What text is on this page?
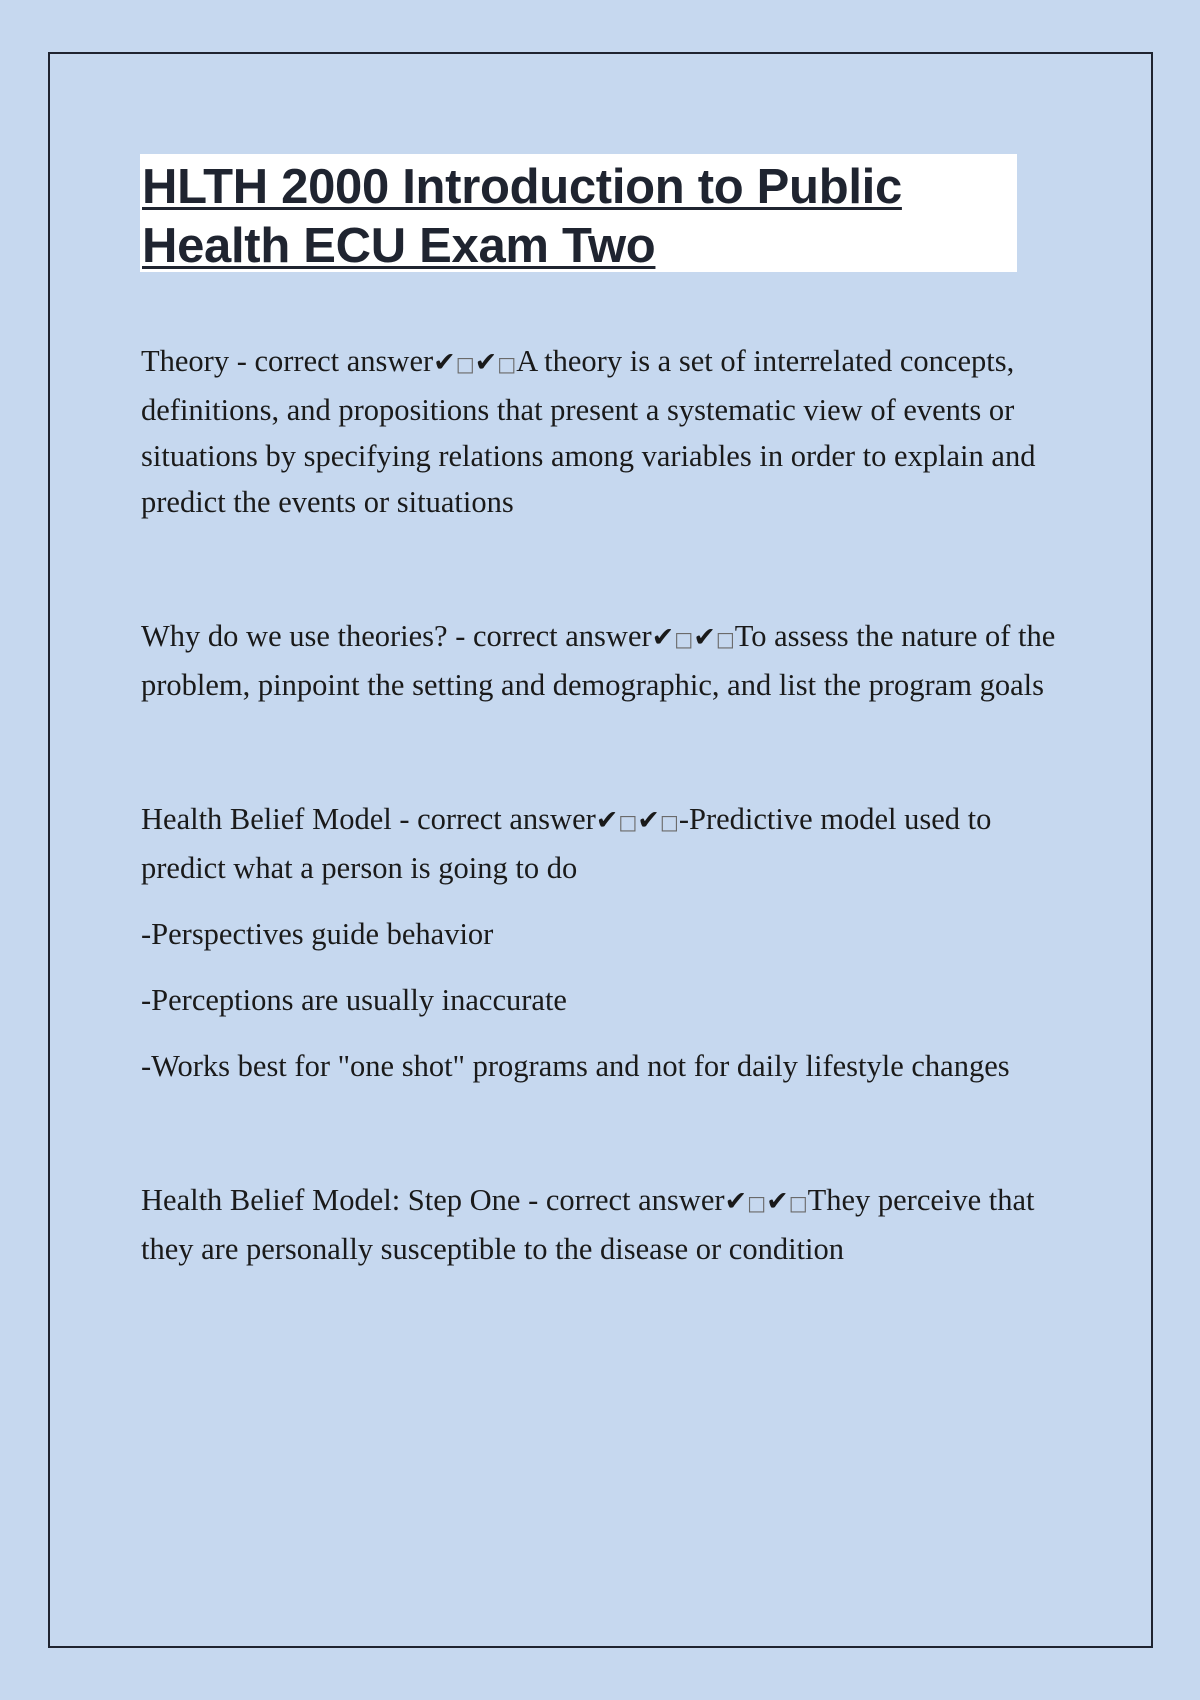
HLTH 2000 Introduction to Public
Health ECU Exam Two

Theory - correct answer✔□✔□A theory is a set of interrelated concepts, definitions, and propositions that present a systematic view of events or situations by specifying relations among variables in order to explain and predict the events or situations

Why do we use theories? - correct answer✔□✔□To assess the nature of the problem, pinpoint the setting and demographic, and list the program goals

Health Belief Model - correct answer✔□✔□-Predictive model used to predict what a person is going to do

-Perspectives guide behavior

-Perceptions are usually inaccurate

-Works best for "one shot" programs and not for daily lifestyle changes

Health Belief Model: Step One - correct answer✔□✔□They perceive that they are personally susceptible to the disease or condition
